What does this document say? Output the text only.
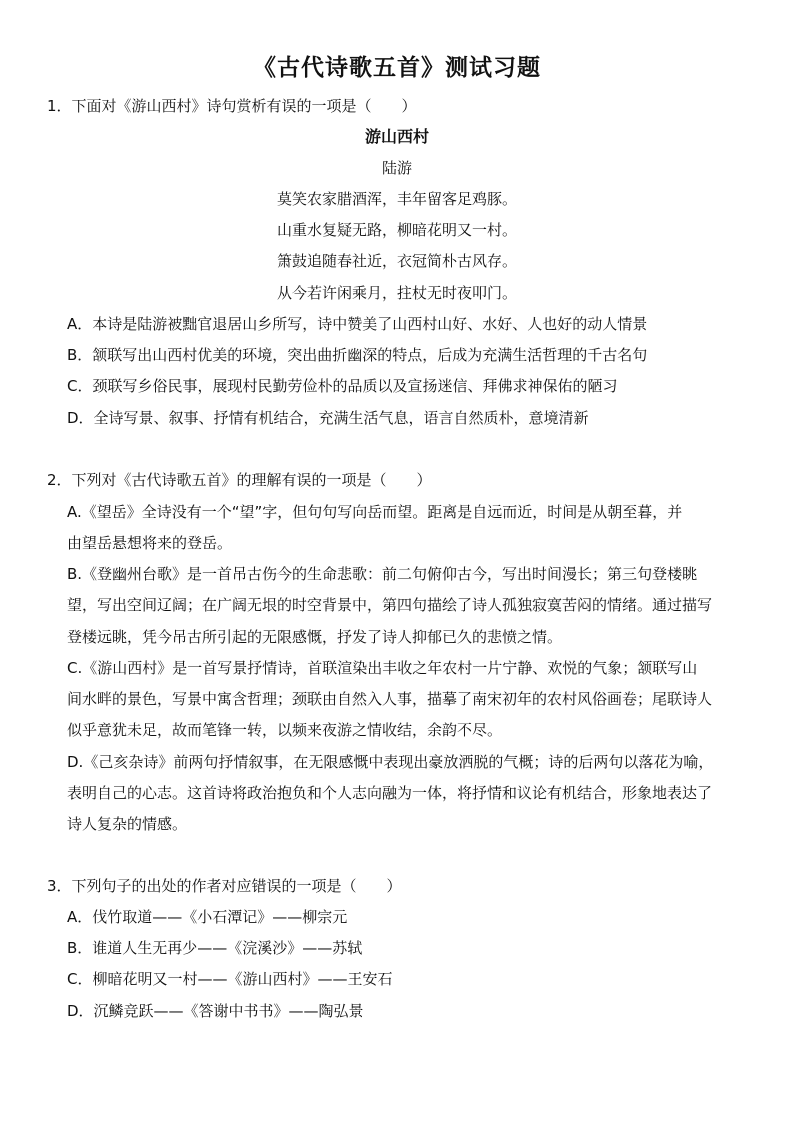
《古代诗歌五首》测试习题
1．下面对《游山西村》诗句赏析有误的一项是（　　）
游山西村
陆游
莫笑农家腊酒浑，丰年留客足鸡豚。
山重水复疑无路，柳暗花明又一村。
箫鼓追随春社近，衣冠简朴古风存。
从今若许闲乘月，拄杖无时夜叩门。
A．本诗是陆游被黜官退居山乡所写，诗中赞美了山西村山好、水好、人也好的动人情景
B．颔联写出山西村优美的环境，突出曲折幽深的特点，后成为充满生活哲理的千古名句
C．颈联写乡俗民事，展现村民勤劳俭朴的品质以及宣扬迷信、拜佛求神保佑的陋习
D．全诗写景、叙事、抒情有机结合，充满生活气息，语言自然质朴，意境清新
2．下列对《古代诗歌五首》的理解有误的一项是（　　）
A.《望岳》全诗没有一个“望”字，但句句写向岳而望。距离是自远而近，时间是从朝至暮，并
由望岳悬想将来的登岳。
B.《登幽州台歌》是一首吊古伤今的生命悲歌：前二句俯仰古今，写出时间漫长；第三句登楼眺
望，写出空间辽阔；在广阔无垠的时空背景中，第四句描绘了诗人孤独寂寞苦闷的情绪。通过描写
登楼远眺，凭今吊古所引起的无限感慨，抒发了诗人抑郁已久的悲愤之情。
C.《游山西村》是一首写景抒情诗，首联渲染出丰收之年农村一片宁静、欢悦的气象；颔联写山
间水畔的景色，写景中寓含哲理；颈联由自然入人事，描摹了南宋初年的农村风俗画卷；尾联诗人
似乎意犹未足，故而笔锋一转，以频来夜游之情收结，余韵不尽。
D.《己亥杂诗》前两句抒情叙事，在无限感慨中表现出豪放洒脱的气概；诗的后两句以落花为喻，
表明自己的心志。这首诗将政治抱负和个人志向融为一体，将抒情和议论有机结合，形象地表达了
诗人复杂的情感。
3．下列句子的出处的作者对应错误的一项是（　　）
A．伐竹取道——《小石潭记》——柳宗元
B．谁道人生无再少——《浣溪沙》——苏轼
C．柳暗花明又一村——《游山西村》——王安石
D．沉鳞竞跃——《答谢中书书》——陶弘景
